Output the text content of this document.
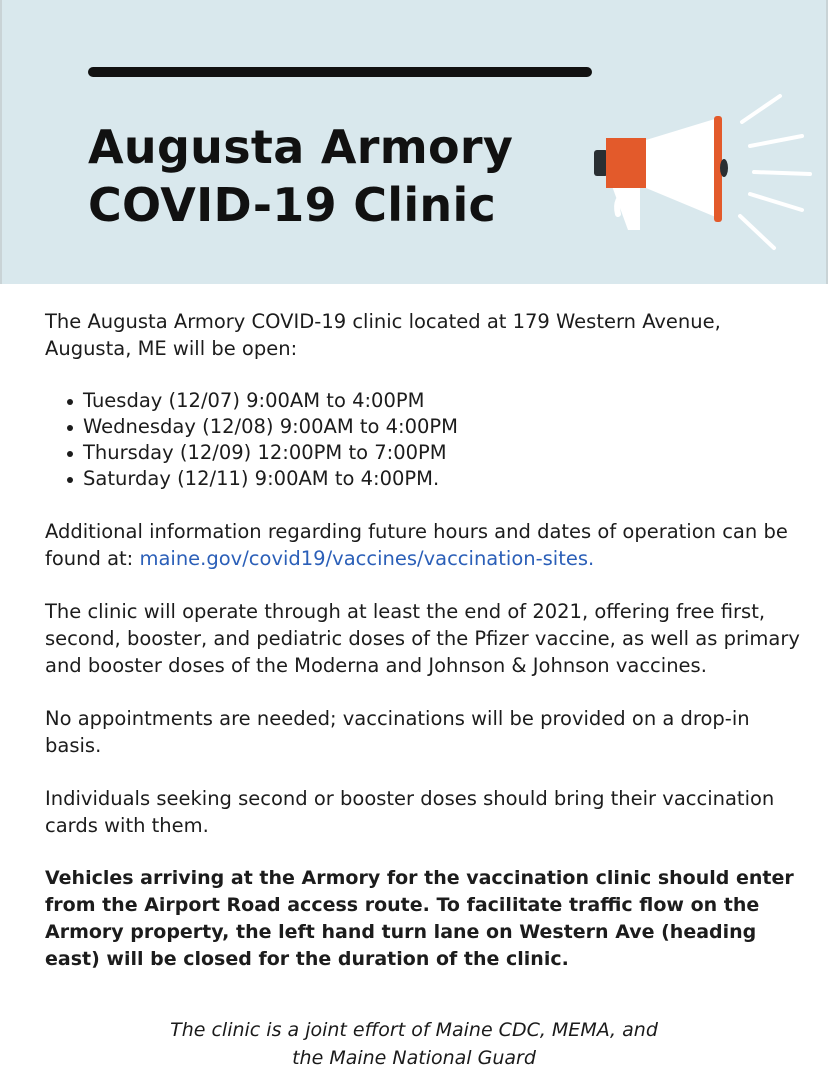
Augusta Armory
COVID-19 Clinic

The Augusta Armory COVID-19 clinic located at 179 Western Avenue, Augusta, ME will be open:

Tuesday (12/07) 9:00AM to 4:00PM
Wednesday (12/08) 9:00AM to 4:00PM
Thursday (12/09) 12:00PM to 7:00PM
Saturday (12/11) 9:00AM to 4:00PM.

Additional information regarding future hours and dates of operation can be found at: maine.gov/covid19/vaccines/vaccination-sites.

The clinic will operate through at least the end of 2021, offering free first, second, booster, and pediatric doses of the Pfizer vaccine, as well as primary and booster doses of the Moderna and Johnson & Johnson vaccines.

No appointments are needed; vaccinations will be provided on a drop-in basis.

Individuals seeking second or booster doses should bring their vaccination cards with them.

Vehicles arriving at the Armory for the vaccination clinic should enter from the Airport Road access route. To facilitate traffic flow on the Armory property, the left hand turn lane on Western Ave (heading east) will be closed for the duration of the clinic.

The clinic is a joint effort of Maine CDC, MEMA, and
the Maine National Guard
